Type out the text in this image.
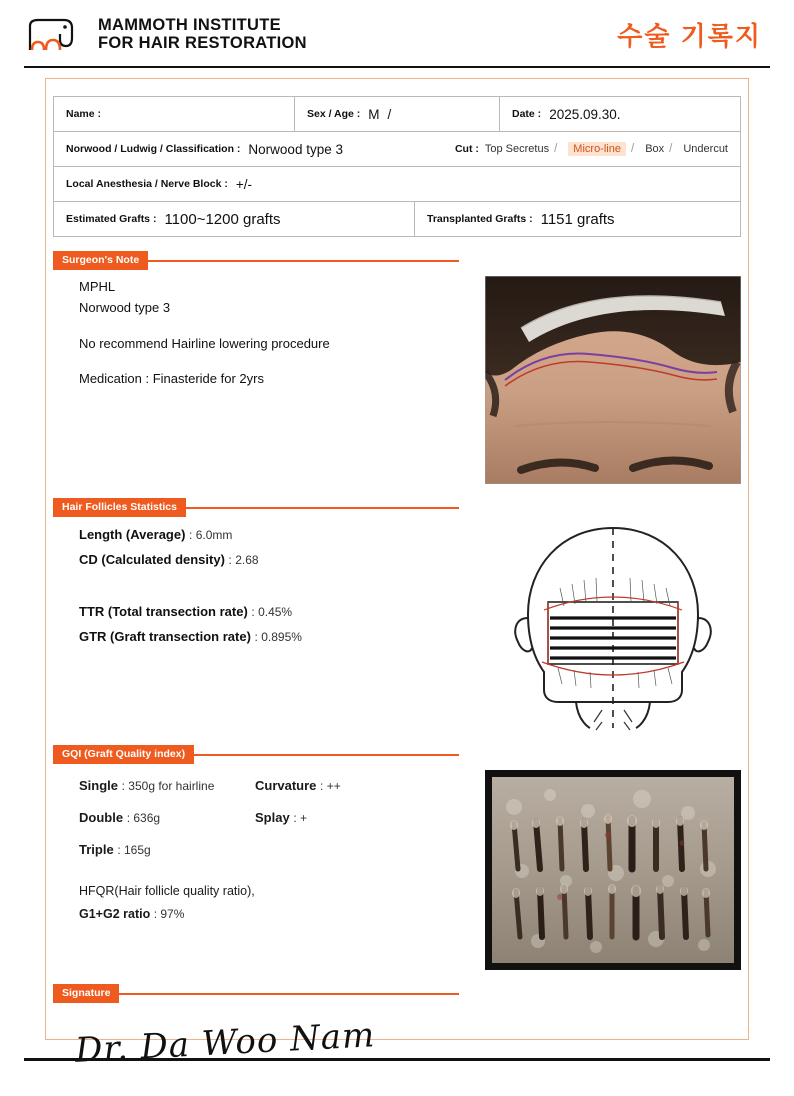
MAMMOTH INSTITUTE
FOR HAIR RESTORATION	수술 기록지
Name :	Sex / Age : M /	Date : 2025.09.30.
Norwood / Ludwig / Classification : Norwood type 3	Cut : Top Secretus /	Micro-line /	Box /	Undercut
Local Anesthesia / Nerve Block : +/-
Estimated Grafts : 1100~1200 grafts	Transplanted Grafts : 1151 grafts
Surgeon's Note
MPHL
Norwood type 3
No recommend Hairline lowering procedure
Medication : Finasteride for 2yrs
Hair Follicles Statistics
Length (Average) : 6.0mm
CD (Calculated density) : 2.68
TTR (Total transection rate) : 0.45%
GTR (Graft transection rate) : 0.895%
GQI (Graft Quality index)
Single : 350g for hairline
Double : 636g
Triple : 165g
Curvature : ++
Splay : +
HFQR(Hair follicle quality ratio),
G1+G2 ratio : 97%
Signature
Dr. Da Woo Nam
